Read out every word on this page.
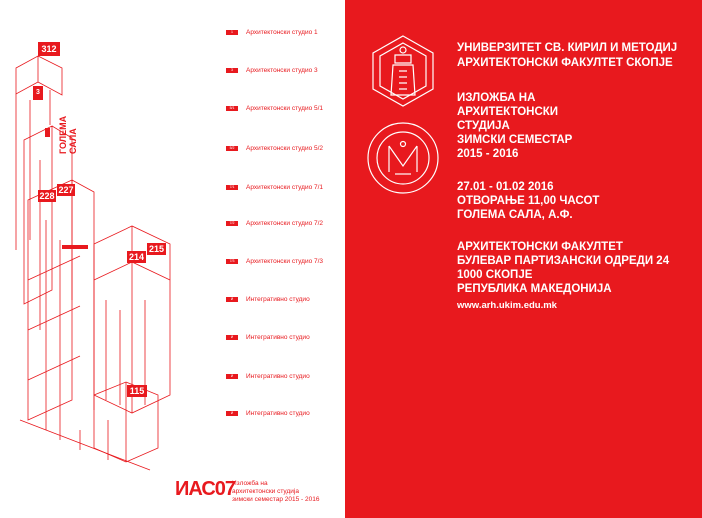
312
3
ГОЛЕМА САЛА
228
227
214
215
115
1	Архитектонски студио 1
3	Архитектонски студио 3
5/1	Архитектонски студио 5/1
5/2	Архитектонски студио 5/2
7/1	Архитектонски студио 7/1
7/2	Архитектонски студио 7/2
7/3	Архитектонски студио 7/3
И	Интегративно студио
И	Интегративно студио
И	Интегративно студио
И	Интегративно студио
ИАС07
Изложба на
архитектонски студија
зимски семестар 2015 - 2016
УНИВЕРЗИТЕТ СВ. КИРИЛ И МЕТОДИЈ
АРХИТЕКТОНСКИ ФАКУЛТЕТ СКОПЈЕ
ИЗЛОЖБА НА
АРХИТЕКТОНСКИ
СТУДИЈА
ЗИМСКИ СЕМЕСТАР
2015 - 2016
27.01 - 01.02 2016
ОТВОРАЊЕ 11,00 ЧАСОТ
ГОЛЕМА САЛА, А.Ф.
АРХИТЕКТОНСКИ ФАКУЛТЕТ
БУЛЕВАР ПАРТИЗАНСКИ ОДРЕДИ 24
1000 СКОПЈЕ
РЕПУБЛИКА МАКЕДОНИЈА
www.arh.ukim.edu.mk
